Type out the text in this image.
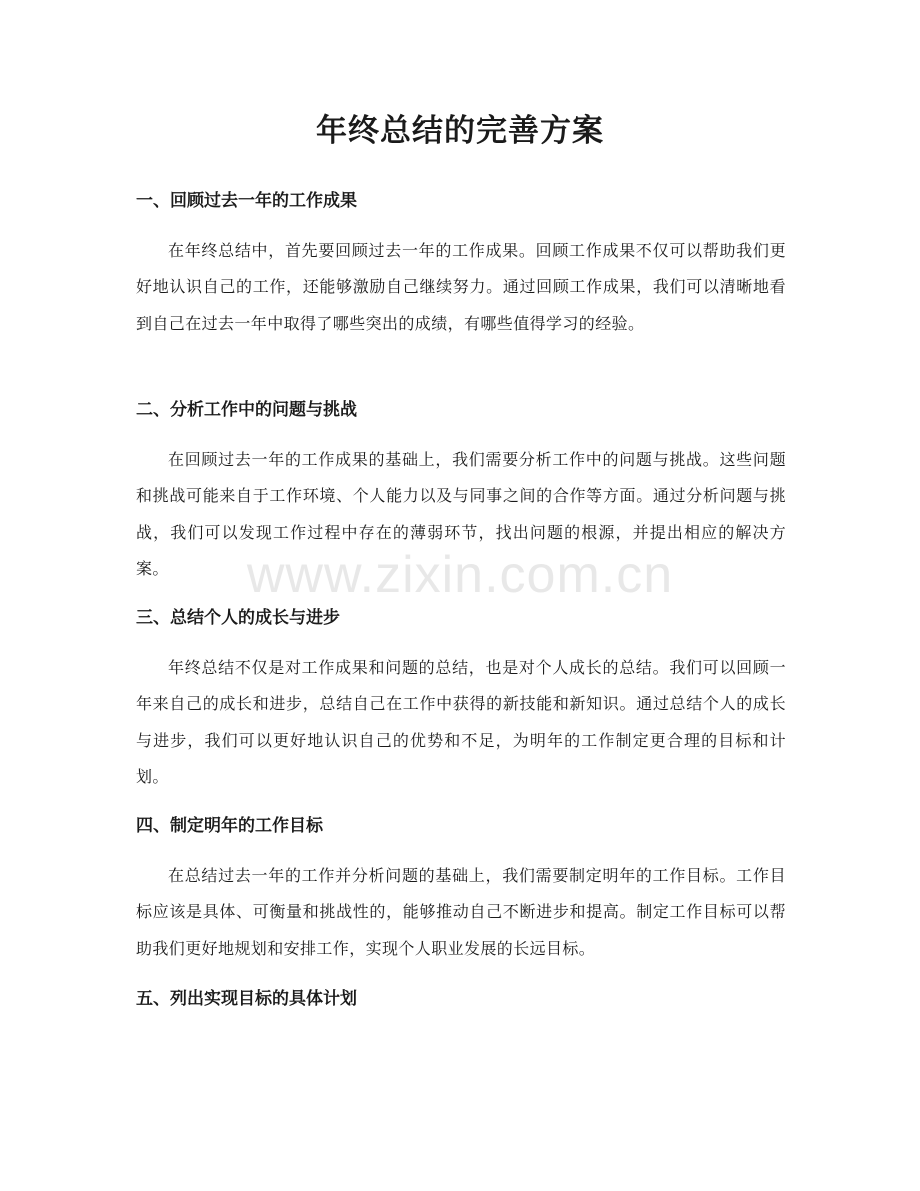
年终总结的完善方案
一、回顾过去一年的工作成果

在年终总结中，首先要回顾过去一年的工作成果。回顾工作成果不仅可以帮助我们更好地认识自己的工作，还能够激励自己继续努力。通过回顾工作成果，我们可以清晰地看到自己在过去一年中取得了哪些突出的成绩，有哪些值得学习的经验。

二、分析工作中的问题与挑战

在回顾过去一年的工作成果的基础上，我们需要分析工作中的问题与挑战。这些问题和挑战可能来自于工作环境、个人能力以及与同事之间的合作等方面。通过分析问题与挑战，我们可以发现工作过程中存在的薄弱环节，找出问题的根源，并提出相应的解决方案。

三、总结个人的成长与进步

年终总结不仅是对工作成果和问题的总结，也是对个人成长的总结。我们可以回顾一年来自己的成长和进步，总结自己在工作中获得的新技能和新知识。通过总结个人的成长与进步，我们可以更好地认识自己的优势和不足，为明年的工作制定更合理的目标和计划。

四、制定明年的工作目标

在总结过去一年的工作并分析问题的基础上，我们需要制定明年的工作目标。工作目标应该是具体、可衡量和挑战性的，能够推动自己不断进步和提高。制定工作目标可以帮助我们更好地规划和安排工作，实现个人职业发展的长远目标。

五、列出实现目标的具体计划
www.zixin.com.cn
